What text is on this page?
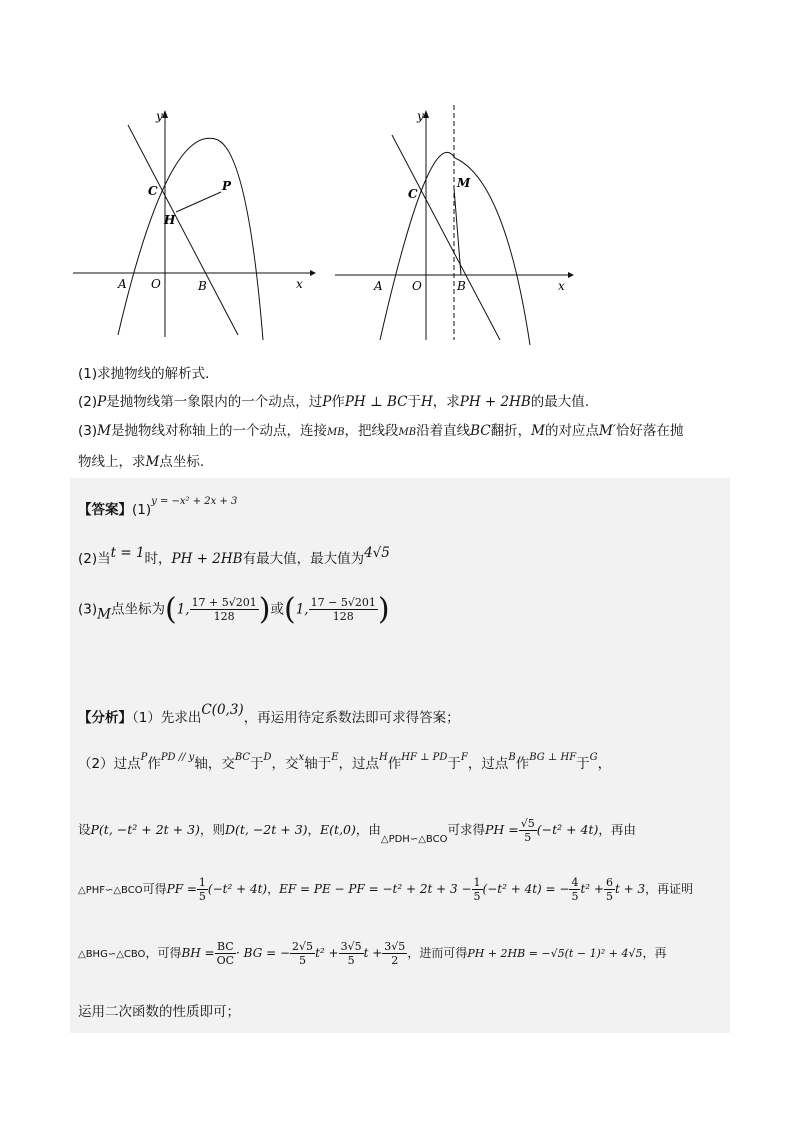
y
x
O
A	B
C
H
P
y
x
O
A	B
C
M
(1)求抛物线的解析式.
(2)P是抛物线第一象限内的一个动点，过P作PH ⊥ BC于H，求PH + 2HB的最大值.
(3)M是抛物线对称轴上的一个动点，连接MB，把线段MB沿着直线BC翻折，M的对应点M′恰好落在抛
物线上，求M点坐标.
【答案】$(1)^{y = -x^2 + 2x + 3}$
(2)当t = 1时，PH + 2HB有最大值，最大值为4√5
(3)M点坐标为(1, $\frac{17 + 5√201}{128}$ )或(1, $\frac{17 - 5√201}{128}$ )
【分析】（1）先求出C(0,3)，再运用待定系数法即可求得答案；
（2）过点$^P$作$^{PD // y}$轴，交$^{BC}$于$^D$，交$^x$轴于$^E$，过点$^H$作$^{HF \perp PD}$于$^F$，过点$^B$作$^{BG \perp HF}$于$^G$，
设P(t, −t² + 2t + 3)，则D(t, −2t + 3)，E(t,0)，由$_{\triangle PDH∽\triangle BCO}$可求得PH = $\frac{√5}{5} (-t^2 + 4t)$，再由
△PHF∽△BCO可得PF = $\frac{1}{5} (-t^2 + 4t)$，EF = PE − PF = $-t^2 + 2t + 3 - \frac{1}{5} (-t^2 + 4t)$ = − $\frac{4}{5} t^2 + \frac{6}{5}$ t + 3，再证明
△BHG∽△CBO，可得BH = $\frac{BC}{OC}$ · BG = − $\frac{2√5}{5} t^2 + \frac{3√5}{5}$ $t + \frac{3√5}{2}$ ，进而可得PH + 2HB = −√5(t − 1)² + 4√5，再
运用二次函数的性质即可；
